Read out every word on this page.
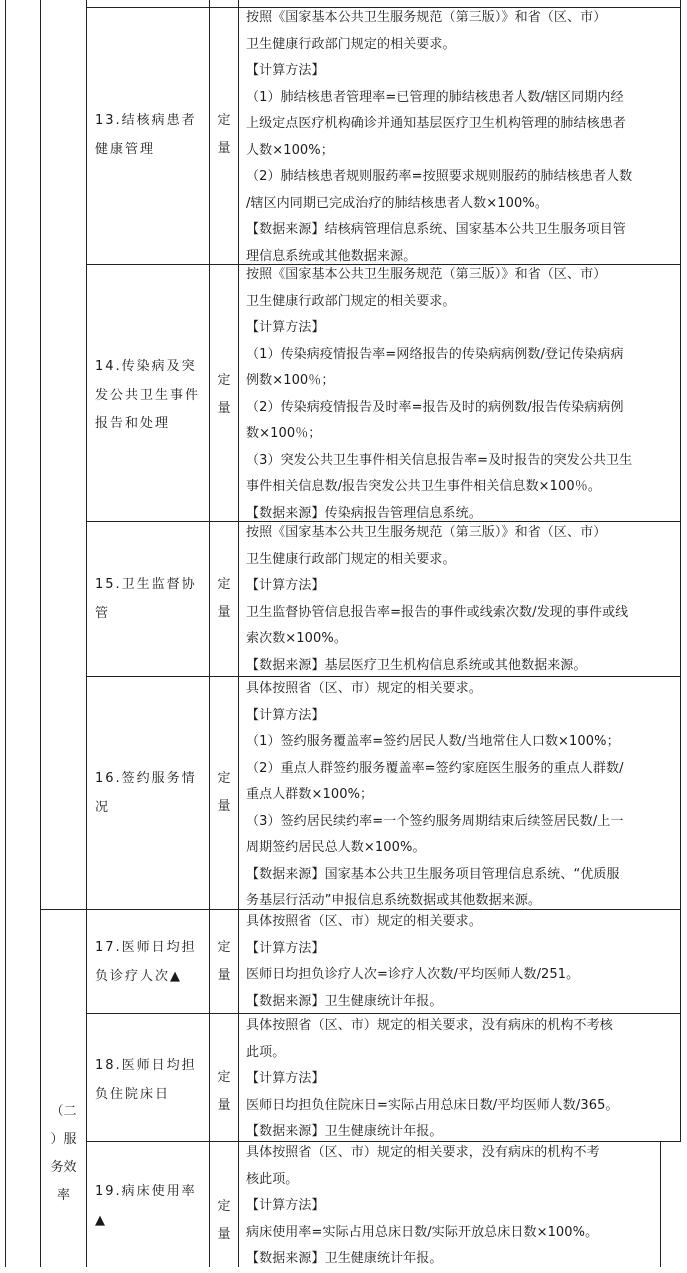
（二
）服
务效
率
13.结核病患者
健康管理
定
量
按照《国家基本公共卫生服务规范（第三版）》和省（区、市）
卫生健康行政部门规定的相关要求。
【计算方法】
（1）肺结核患者管理率=已管理的肺结核患者人数/辖区同期内经
上级定点医疗机构确诊并通知基层医疗卫生机构管理的肺结核患者
人数×100%；
（2）肺结核患者规则服药率=按照要求规则服药的肺结核患者人数
/辖区内同期已完成治疗的肺结核患者人数×100%。
【数据来源】结核病管理信息系统、国家基本公共卫生服务项目管
理信息系统或其他数据来源。
14.传染病及突
发公共卫生事件
报告和处理
定
量
按照《国家基本公共卫生服务规范（第三版）》和省（区、市）
卫生健康行政部门规定的相关要求。
【计算方法】
（1）传染病疫情报告率=网络报告的传染病病例数/登记传染病病
例数×100％；
（2）传染病疫情报告及时率=报告及时的病例数/报告传染病病例
数×100％；
（3）突发公共卫生事件相关信息报告率=及时报告的突发公共卫生
事件相关信息数/报告突发公共卫生事件相关信息数×100％。
【数据来源】传染病报告管理信息系统。
15.卫生监督协
管
定
量
按照《国家基本公共卫生服务规范（第三版）》和省（区、市）
卫生健康行政部门规定的相关要求。
【计算方法】
卫生监督协管信息报告率=报告的事件或线索次数/发现的事件或线
索次数×100%。
【数据来源】基层医疗卫生机构信息系统或其他数据来源。
16.签约服务情
况
定
量
具体按照省（区、市）规定的相关要求。
【计算方法】
（1）签约服务覆盖率=签约居民人数/当地常住人口数×100%；
（2）重点人群签约服务覆盖率=签约家庭医生服务的重点人群数/
重点人群数×100%；
（3）签约居民续约率=一个签约服务周期结束后续签居民数/上一
周期签约居民总人数×100%。
【数据来源】国家基本公共卫生服务项目管理信息系统、“优质服
务基层行活动”申报信息系统数据或其他数据来源。
17.医师日均担
负诊疗人次▲
定
量
具体按照省（区、市）规定的相关要求。
【计算方法】
医师日均担负诊疗人次=诊疗人次数/平均医师人数/251。
【数据来源】卫生健康统计年报。
18.医师日均担
负住院床日
定
量
具体按照省（区、市）规定的相关要求，没有病床的机构不考核
此项。
【计算方法】
医师日均担负住院床日=实际占用总床日数/平均医师人数/365。
【数据来源】卫生健康统计年报。
19.病床使用率
▲
定
量
具体按照省（区、市）规定的相关要求，没有病床的机构不考
核此项。
【计算方法】
病床使用率=实际占用总床日数/实际开放总床日数×100%。
【数据来源】卫生健康统计年报。
